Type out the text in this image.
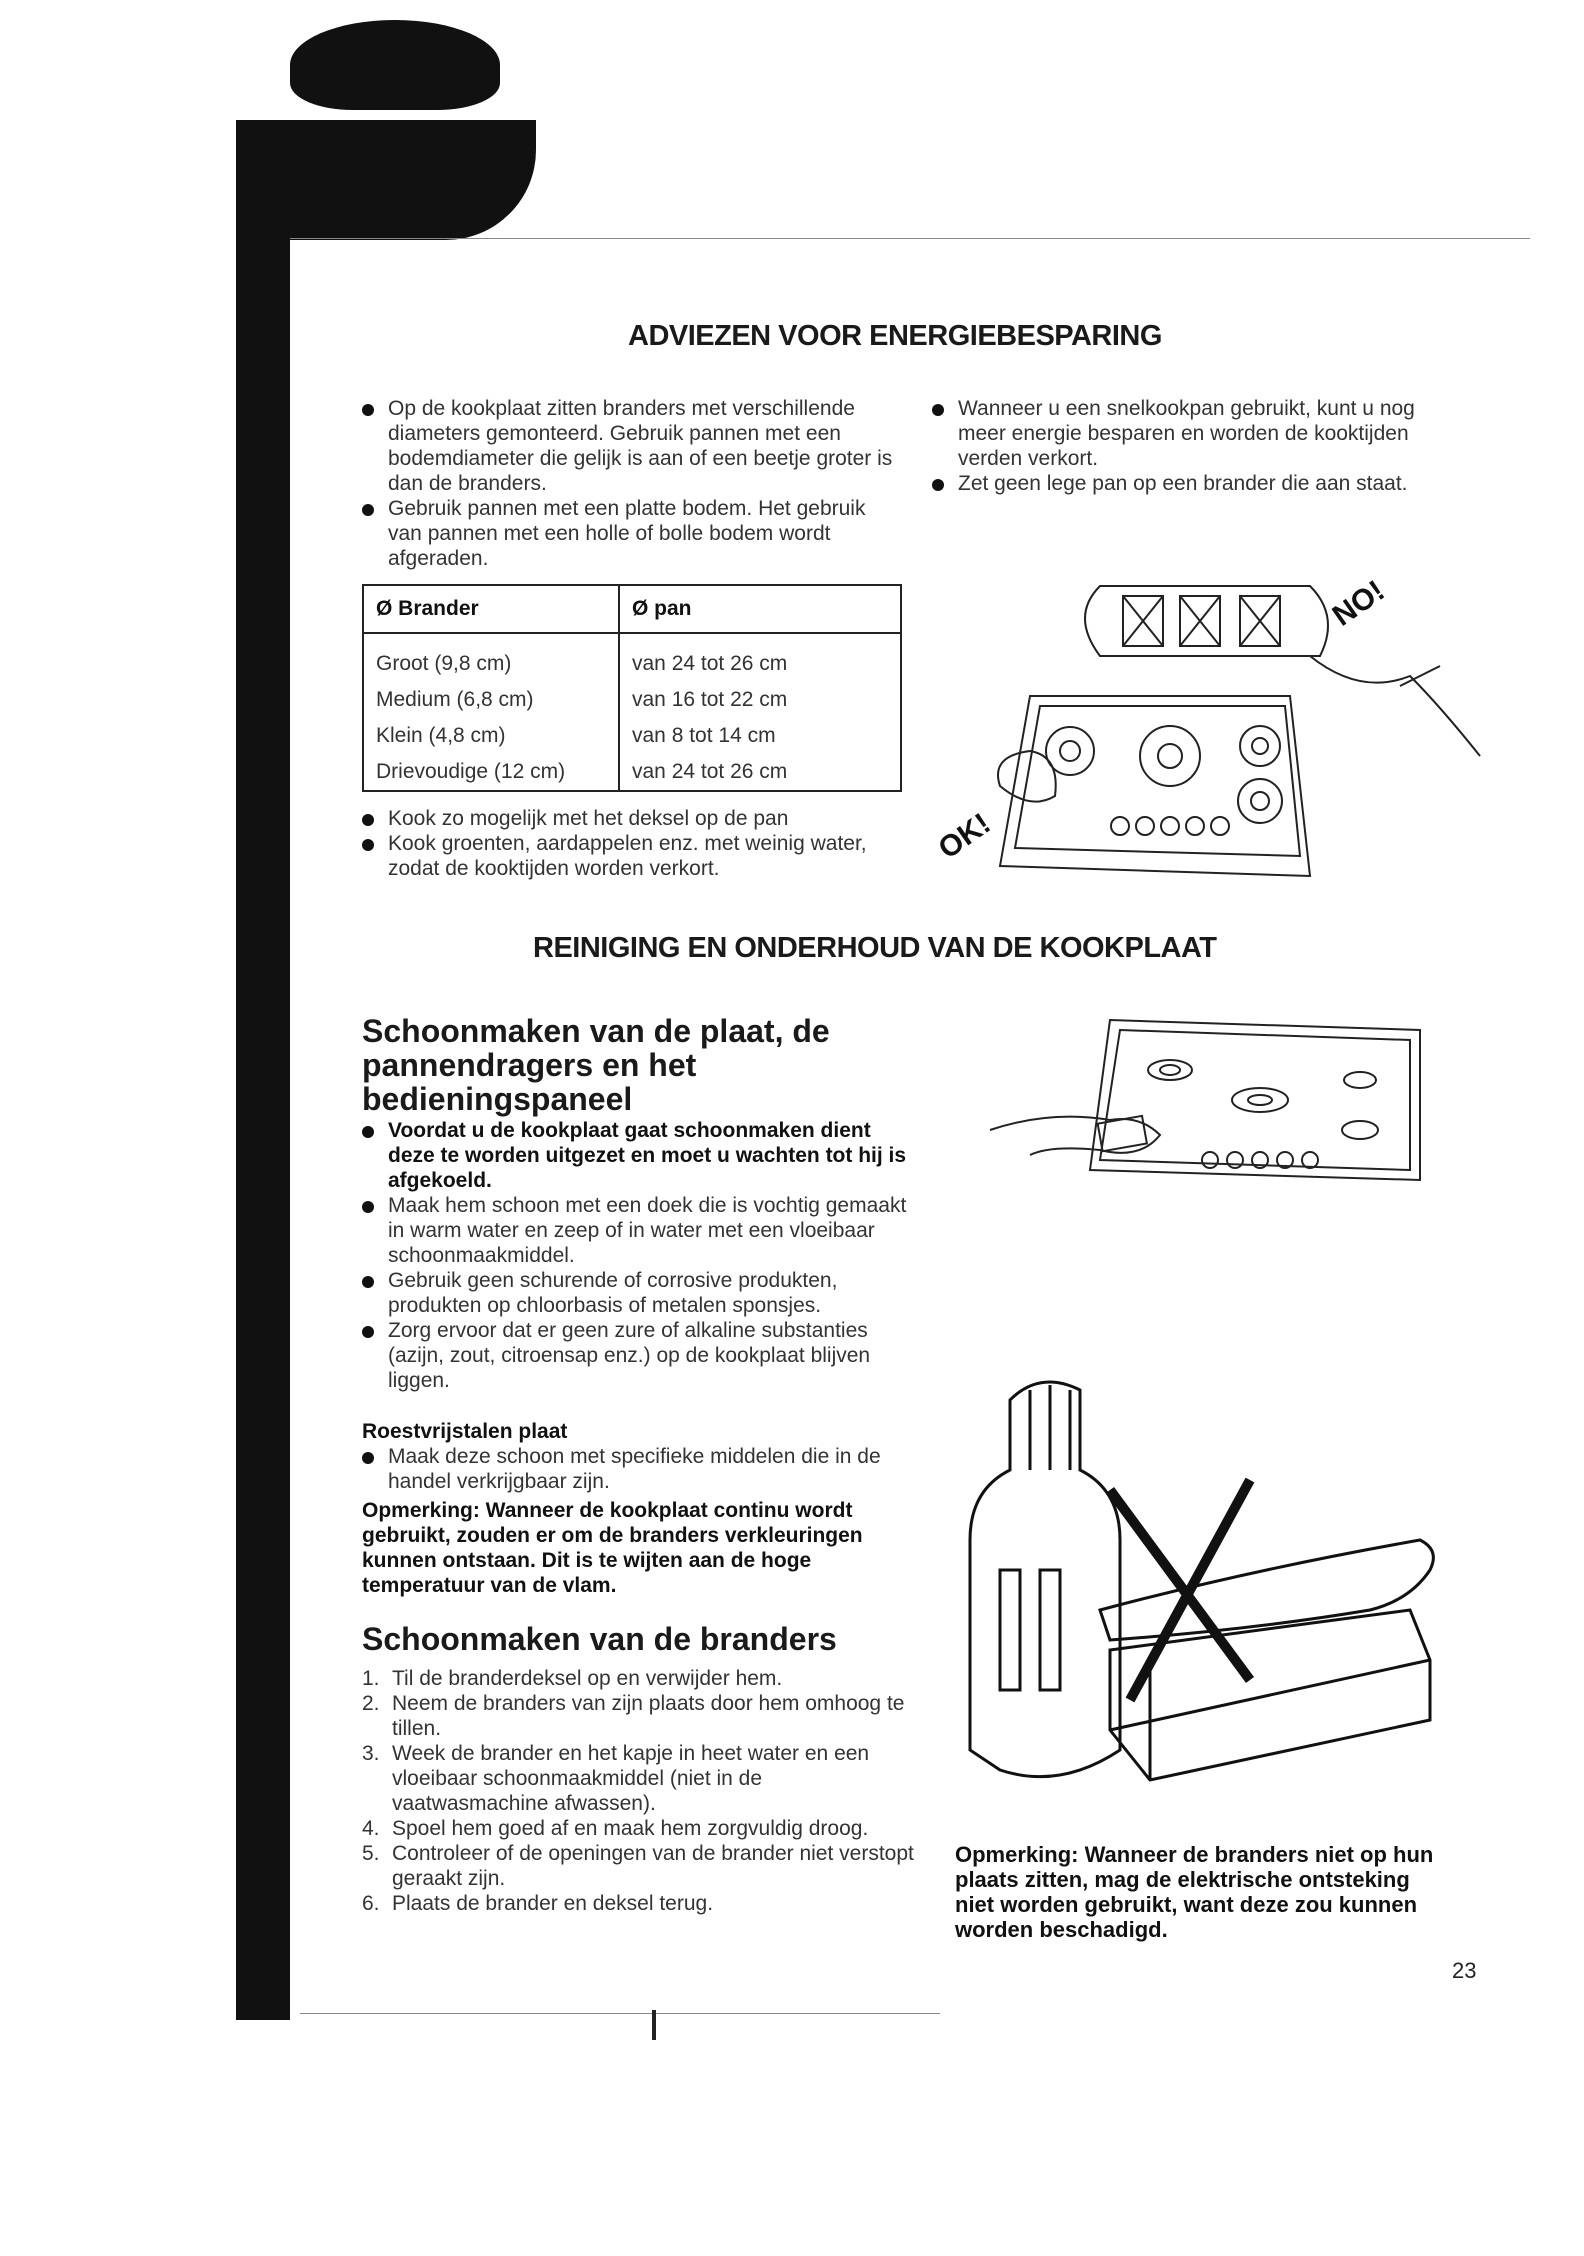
ADVIEZEN VOOR ENERGIEBESPARING
Op de kookplaat zitten branders met verschillende diameters gemonteerd. Gebruik pannen met een bodemdiameter die gelijk is aan of een beetje groter is dan de branders.
Gebruik pannen met een platte bodem. Het gebruik van pannen met een holle of bolle bodem wordt afgeraden.
Wanneer u een snelkookpan gebruikt, kunt u nog meer energie besparen en worden de kooktijden verden verkort.
Zet geen lege pan op een brander die aan staat.
Ø Brander	Ø pan
Groot (9,8 cm)	van 24 tot 26 cm
Medium (6,8 cm)	van 16 tot 22 cm
Klein (4,8 cm)	van 8 tot 14 cm
Drievoudige (12 cm)	van 24 tot 26 cm
Kook zo mogelijk met het deksel op de pan
Kook groenten, aardappelen enz. met weinig water, zodat de kooktijden worden verkort.
NO!
OK!
REINIGING EN ONDERHOUD VAN DE KOOKPLAAT
Schoonmaken van de plaat, de pannendragers en het bedieningspaneel
Voordat u de kookplaat gaat schoonmaken dient deze te worden uitgezet en moet u wachten tot hij is afgekoeld.
Maak hem schoon met een doek die is vochtig gemaakt in warm water en zeep of in water met een vloeibaar schoonmaakmiddel.
Gebruik geen schurende of corrosive produkten, produkten op chloorbasis of metalen sponsjes.
Zorg ervoor dat er geen zure of alkaline substanties (azijn, zout, citroensap enz.) op de kookplaat blijven liggen.
Roestvrijstalen plaat
Maak deze schoon met specifieke middelen die in de handel verkrijgbaar zijn.
Opmerking: Wanneer de kookplaat continu wordt gebruikt, zouden er om de branders verkleuringen kunnen ontstaan. Dit is te wijten aan de hoge temperatuur van de vlam.
Schoonmaken van de branders
1. Til de branderdeksel op en verwijder hem.
2. Neem de branders van zijn plaats door hem omhoog te tillen.
3. Week de brander en het kapje in heet water en een vloeibaar schoonmaakmiddel (niet in de vaatwasmachine afwassen).
4. Spoel hem goed af en maak hem zorgvuldig droog.
5. Controleer of de openingen van de brander niet verstopt geraakt zijn.
6. Plaats de brander en deksel terug.
Opmerking: Wanneer de branders niet op hun plaats zitten, mag de elektrische ontsteking niet worden gebruikt, want deze zou kunnen worden beschadigd.
23
